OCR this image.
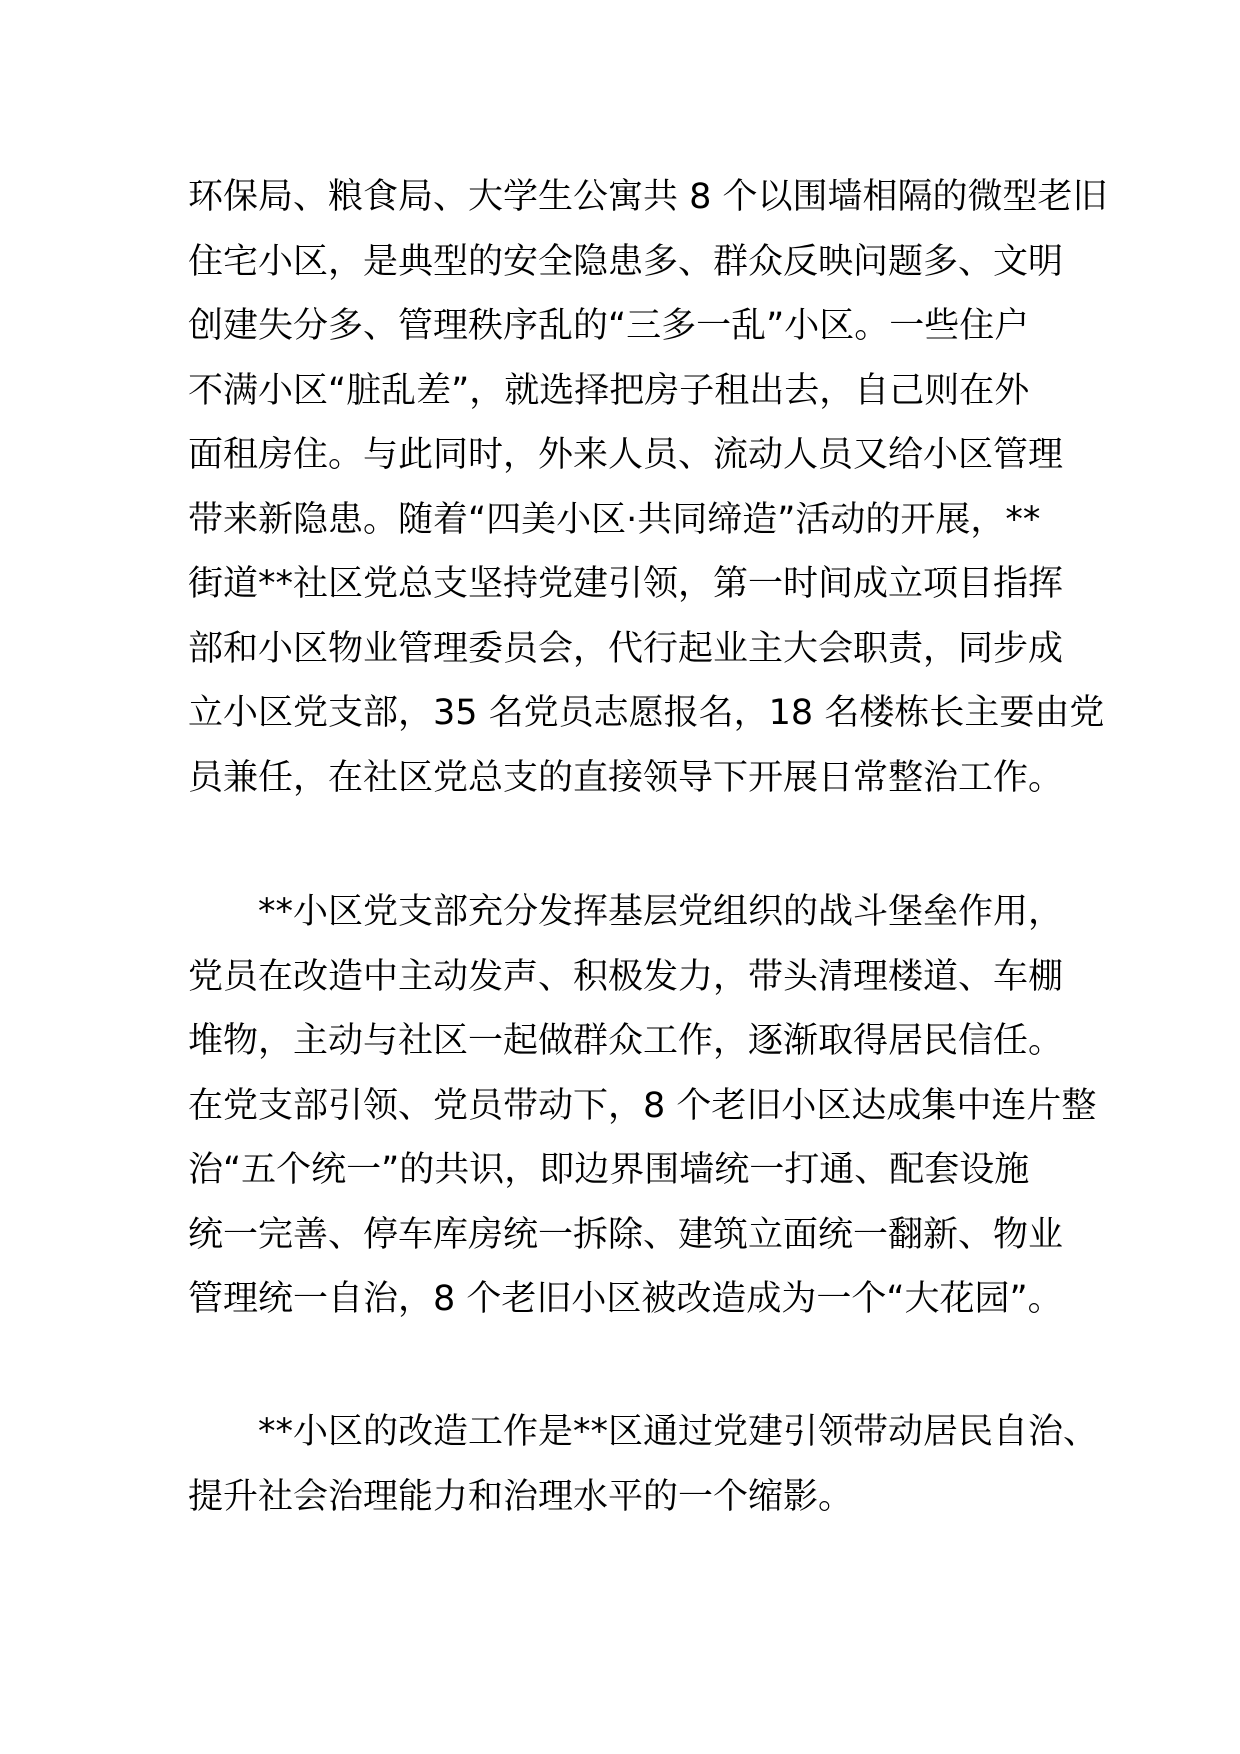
环保局、粮食局、大学生公寓共 8 个以围墙相隔的微型老旧
住宅小区，是典型的安全隐患多、群众反映问题多、文明
创建失分多、管理秩序乱的“三多一乱”小区。一些住户
不满小区“脏乱差”，就选择把房子租出去，自己则在外
面租房住。与此同时，外来人员、流动人员又给小区管理
带来新隐患。随着“四美小区·共同缔造”活动的开展，**
街道**社区党总支坚持党建引领，第一时间成立项目指挥
部和小区物业管理委员会，代行起业主大会职责，同步成
立小区党支部，35 名党员志愿报名，18 名楼栋长主要由党
员兼任，在社区党总支的直接领导下开展日常整治工作。
**小区党支部充分发挥基层党组织的战斗堡垒作用，
党员在改造中主动发声、积极发力，带头清理楼道、车棚
堆物，主动与社区一起做群众工作，逐渐取得居民信任。
在党支部引领、党员带动下，8 个老旧小区达成集中连片整
治“五个统一”的共识，即边界围墙统一打通、配套设施
统一完善、停车库房统一拆除、建筑立面统一翻新、物业
管理统一自治，8 个老旧小区被改造成为一个“大花园”。
**小区的改造工作是**区通过党建引领带动居民自治、
提升社会治理能力和治理水平的一个缩影。
